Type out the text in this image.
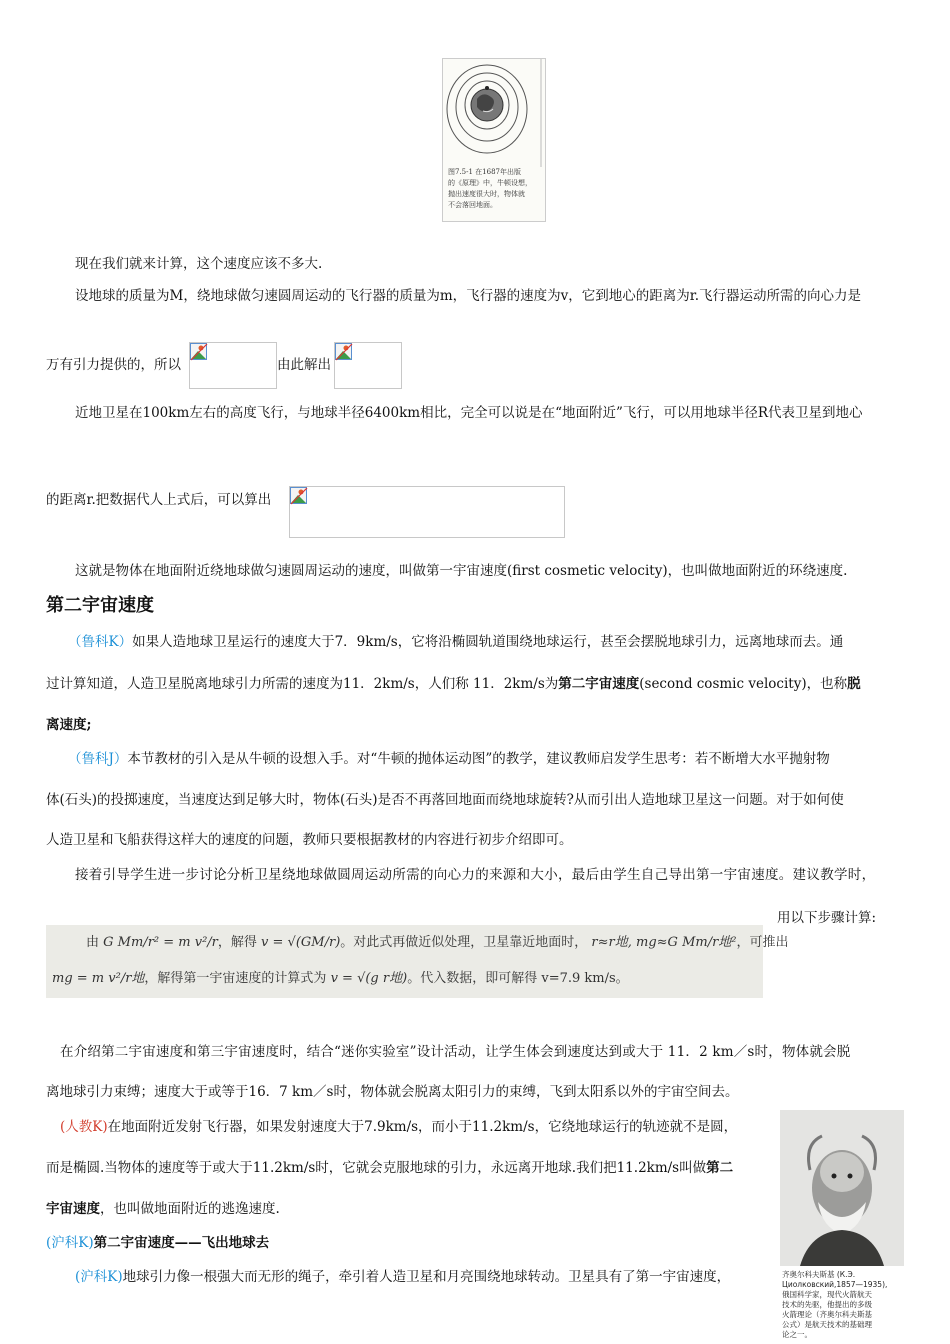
图7.5-1 在1687年出版
的《原理》中，牛顿设想，
抛出速度很大时，物体就
不会落回地面。
现在我们就来计算，这个速度应该不多大.
设地球的质量为M，绕地球做匀速圆周运动的飞行器的质量为m，飞行器的速度为v，它到地心的距离为r.飞行器运动所需的向心力是
万有引力提供的，所以	由此解出
近地卫星在100km左右的高度飞行，与地球半径6400km相比，完全可以说是在“地面附近”飞行，可以用地球半径R代表卫星到地心
的距离r.把数据代人上式后，可以算出
这就是物体在地面附近绕地球做匀速圆周运动的速度，叫做第一宇宙速度(first cosmetic velocity)，也叫做地面附近的环绕速度.
第二宇宙速度
（鲁科K）如果人造地球卫星运行的速度大于7．9km/s，它将沿椭圆轨道围绕地球运行，甚至会摆脱地球引力，远离地球而去。通
过计算知道，人造卫星脱离地球引力所需的速度为11．2km/s，人们称 11．2km/s为第二宇宙速度(second cosmic velocity)，也称脱
离速度;
（鲁科J）本节教材的引入是从牛顿的设想入手。对“牛顿的抛体运动图”的教学，建议教师启发学生思考：若不断增大水平抛射物
体(石头)的投掷速度，当速度达到足够大时，物体(石头)是否不再落回地面而绕地球旋转?从而引出人造地球卫星这一问题。对于如何使
人造卫星和飞船获得这样大的速度的问题，教师只要根据教材的内容进行初步介绍即可。
接着引导学生进一步讨论分析卫星绕地球做圆周运动所需的向心力的来源和大小，最后由学生自己导出第一宇宙速度。建议教学时，
用以下步骤计算:
由 G Mm/r² = m v²/r，解得 v = √(GM/r)。对此式再做近似处理，卫星靠近地面时， r≈r地, mg≈G Mm/r地²，可推出
mg = m v²/r地，解得第一宇宙速度的计算式为 v = √(g r地)。代入数据，即可解得 v=7.9 km/s。
在介绍第二宇宙速度和第三宇宙速度时，结合“迷你实验室”设计活动，让学生体会到速度达到或大于 11．2 km／s时，物体就会脱
离地球引力束缚；速度大于或等于16．7 km／s时，物体就会脱离太阳引力的束缚，飞到太阳系以外的宇宙空间去。
(人教K)在地面附近发射飞行器，如果发射速度大于7.9km/s，而小于11.2km/s，它绕地球运行的轨迹就不是圆，
而是椭圆.当物体的速度等于或大于11.2km/s时，它就会克服地球的引力，永远离开地球.我们把11.2km/s叫做第二
宇宙速度，也叫做地面附近的逃逸速度.
(沪科K)第二宇宙速度——飞出地球去
(沪科K)地球引力像一根强大而无形的绳子，牵引着人造卫星和月亮围绕地球转动。卫星具有了第一宇宙速度，	齐奥尔科夫斯基 (К.Э.
Циолковский,1857—1935),
俄国科学家，现代火箭航天
技术的先驱，他提出的多级
火箭理论（齐奥尔科夫斯基
公式）是航天技术的基础理
论之一。
